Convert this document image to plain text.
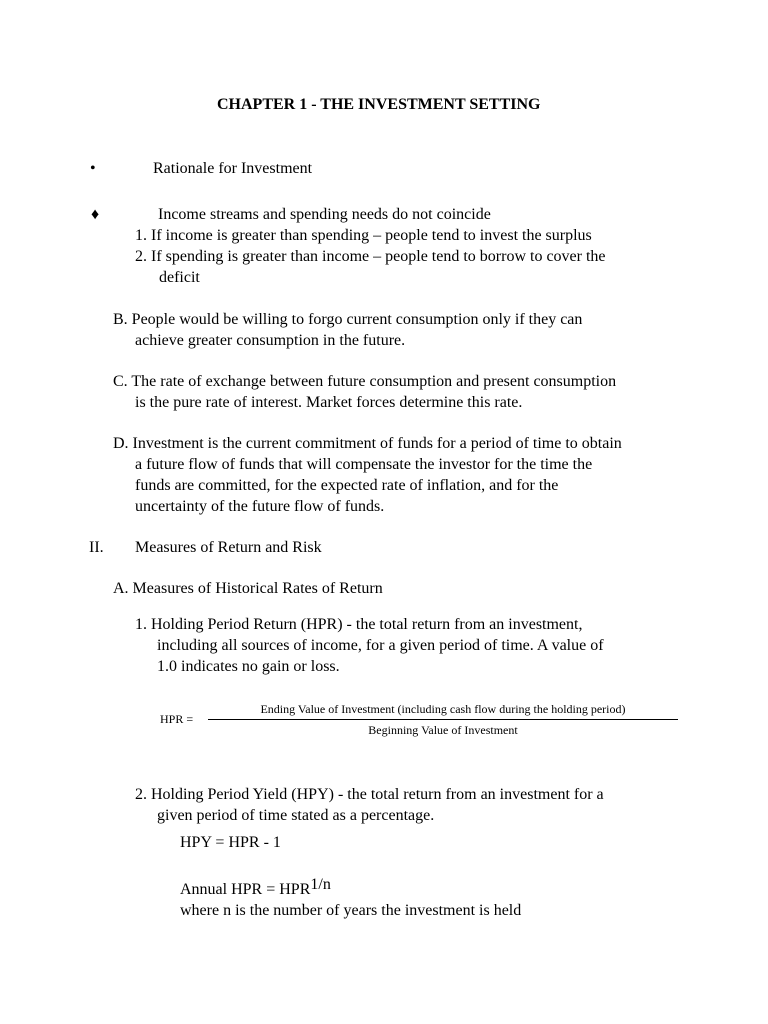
CHAPTER 1 - THE INVESTMENT SETTING
•	Rationale for Investment
♦	Income streams and spending needs do not coincide
1. If income is greater than spending – people tend to invest the surplus
2. If spending is greater than income – people tend to borrow to cover the
deficit
B. People would be willing to forgo current consumption only if they can
achieve greater consumption in the future.
C. The rate of exchange between future consumption and present consumption
is the pure rate of interest. Market forces determine this rate.
D. Investment is the current commitment of funds for a period of time to obtain
a future flow of funds that will compensate the investor for the time the
funds are committed, for the expected rate of inflation, and for the
uncertainty of the future flow of funds.
II. Measures of Return and Risk
A. Measures of Historical Rates of Return
1. Holding Period Return (HPR) - the total return from an investment,
including all sources of income, for a given period of time. A value of
1.0 indicates no gain or loss.
HPR =
Ending Value of Investment (including cash flow during the holding period)
Beginning Value of Investment
2. Holding Period Yield (HPY) - the total return from an investment for a
given period of time stated as a percentage.
HPY = HPR - 1
Annual HPR = $HPR^{1/n}$
where n is the number of years the investment is held
